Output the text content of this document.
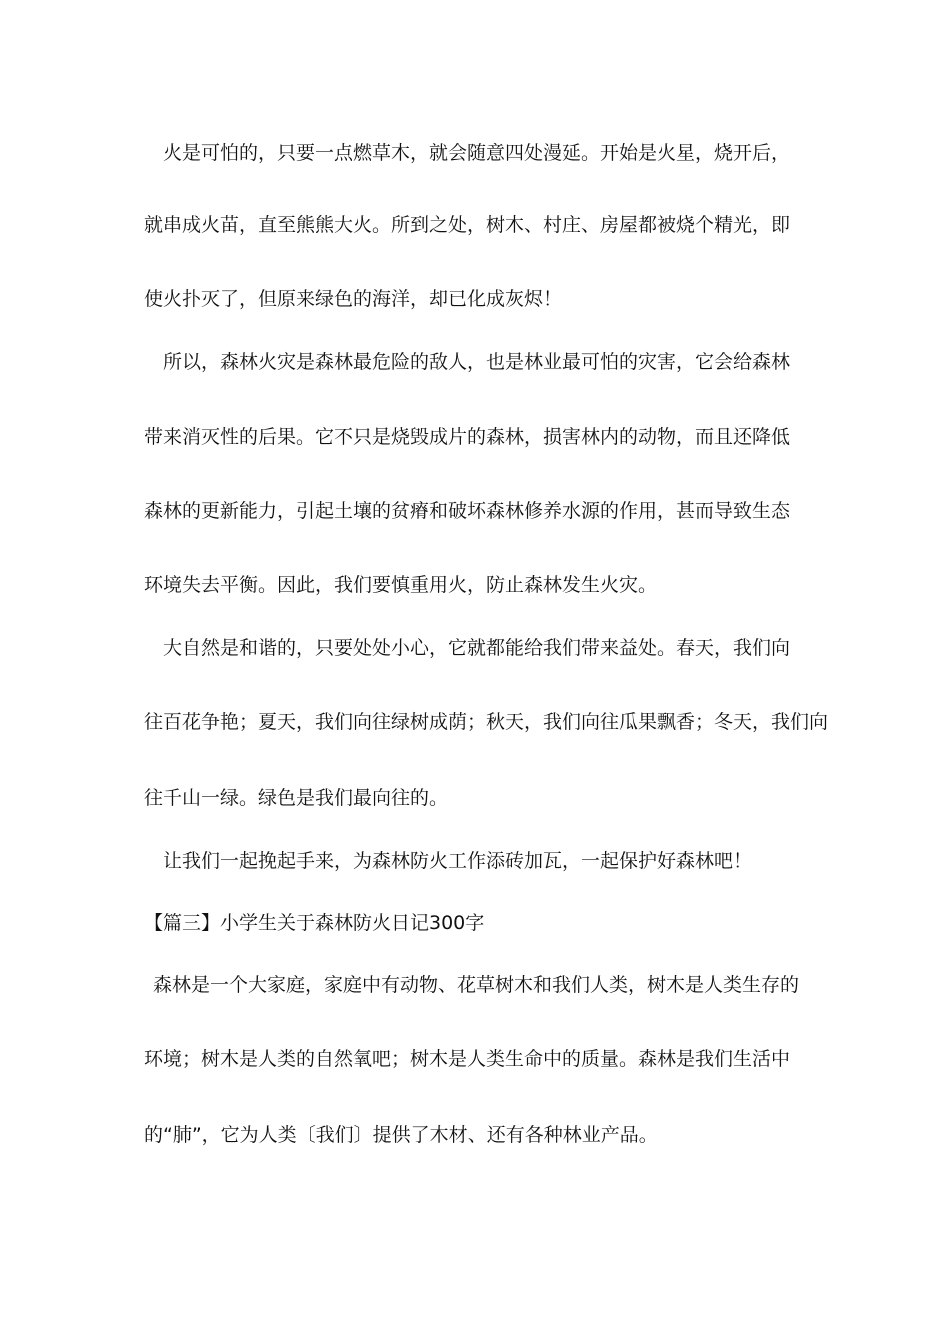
火是可怕的，只要一点燃草木，就会随意四处漫延。开始是火星，烧开后，
就串成火苗，直至熊熊大火。所到之处，树木、村庄、房屋都被烧个精光，即
使火扑灭了，但原来绿色的海洋，却已化成灰烬！
所以，森林火灾是森林最危险的敌人，也是林业最可怕的灾害，它会给森林
带来消灭性的后果。它不只是烧毁成片的森林，损害林内的动物，而且还降低
森林的更新能力，引起土壤的贫瘠和破坏森林修养水源的作用，甚而导致生态
环境失去平衡。因此，我们要慎重用火，防止森林发生火灾。
大自然是和谐的，只要处处小心，它就都能给我们带来益处。春天，我们向
往百花争艳；夏天，我们向往绿树成荫；秋天，我们向往瓜果飘香；冬天，我们向
往千山一绿。绿色是我们最向往的。
让我们一起挽起手来，为森林防火工作添砖加瓦，一起保护好森林吧！
【篇三】小学生关于森林防火日记300字
森林是一个大家庭，家庭中有动物、花草树木和我们人类，树木是人类生存的
环境；树木是人类的自然氧吧；树木是人类生命中的质量。森林是我们生活中
的“肺”，它为人类〔我们〕提供了木材、还有各种林业产品。
